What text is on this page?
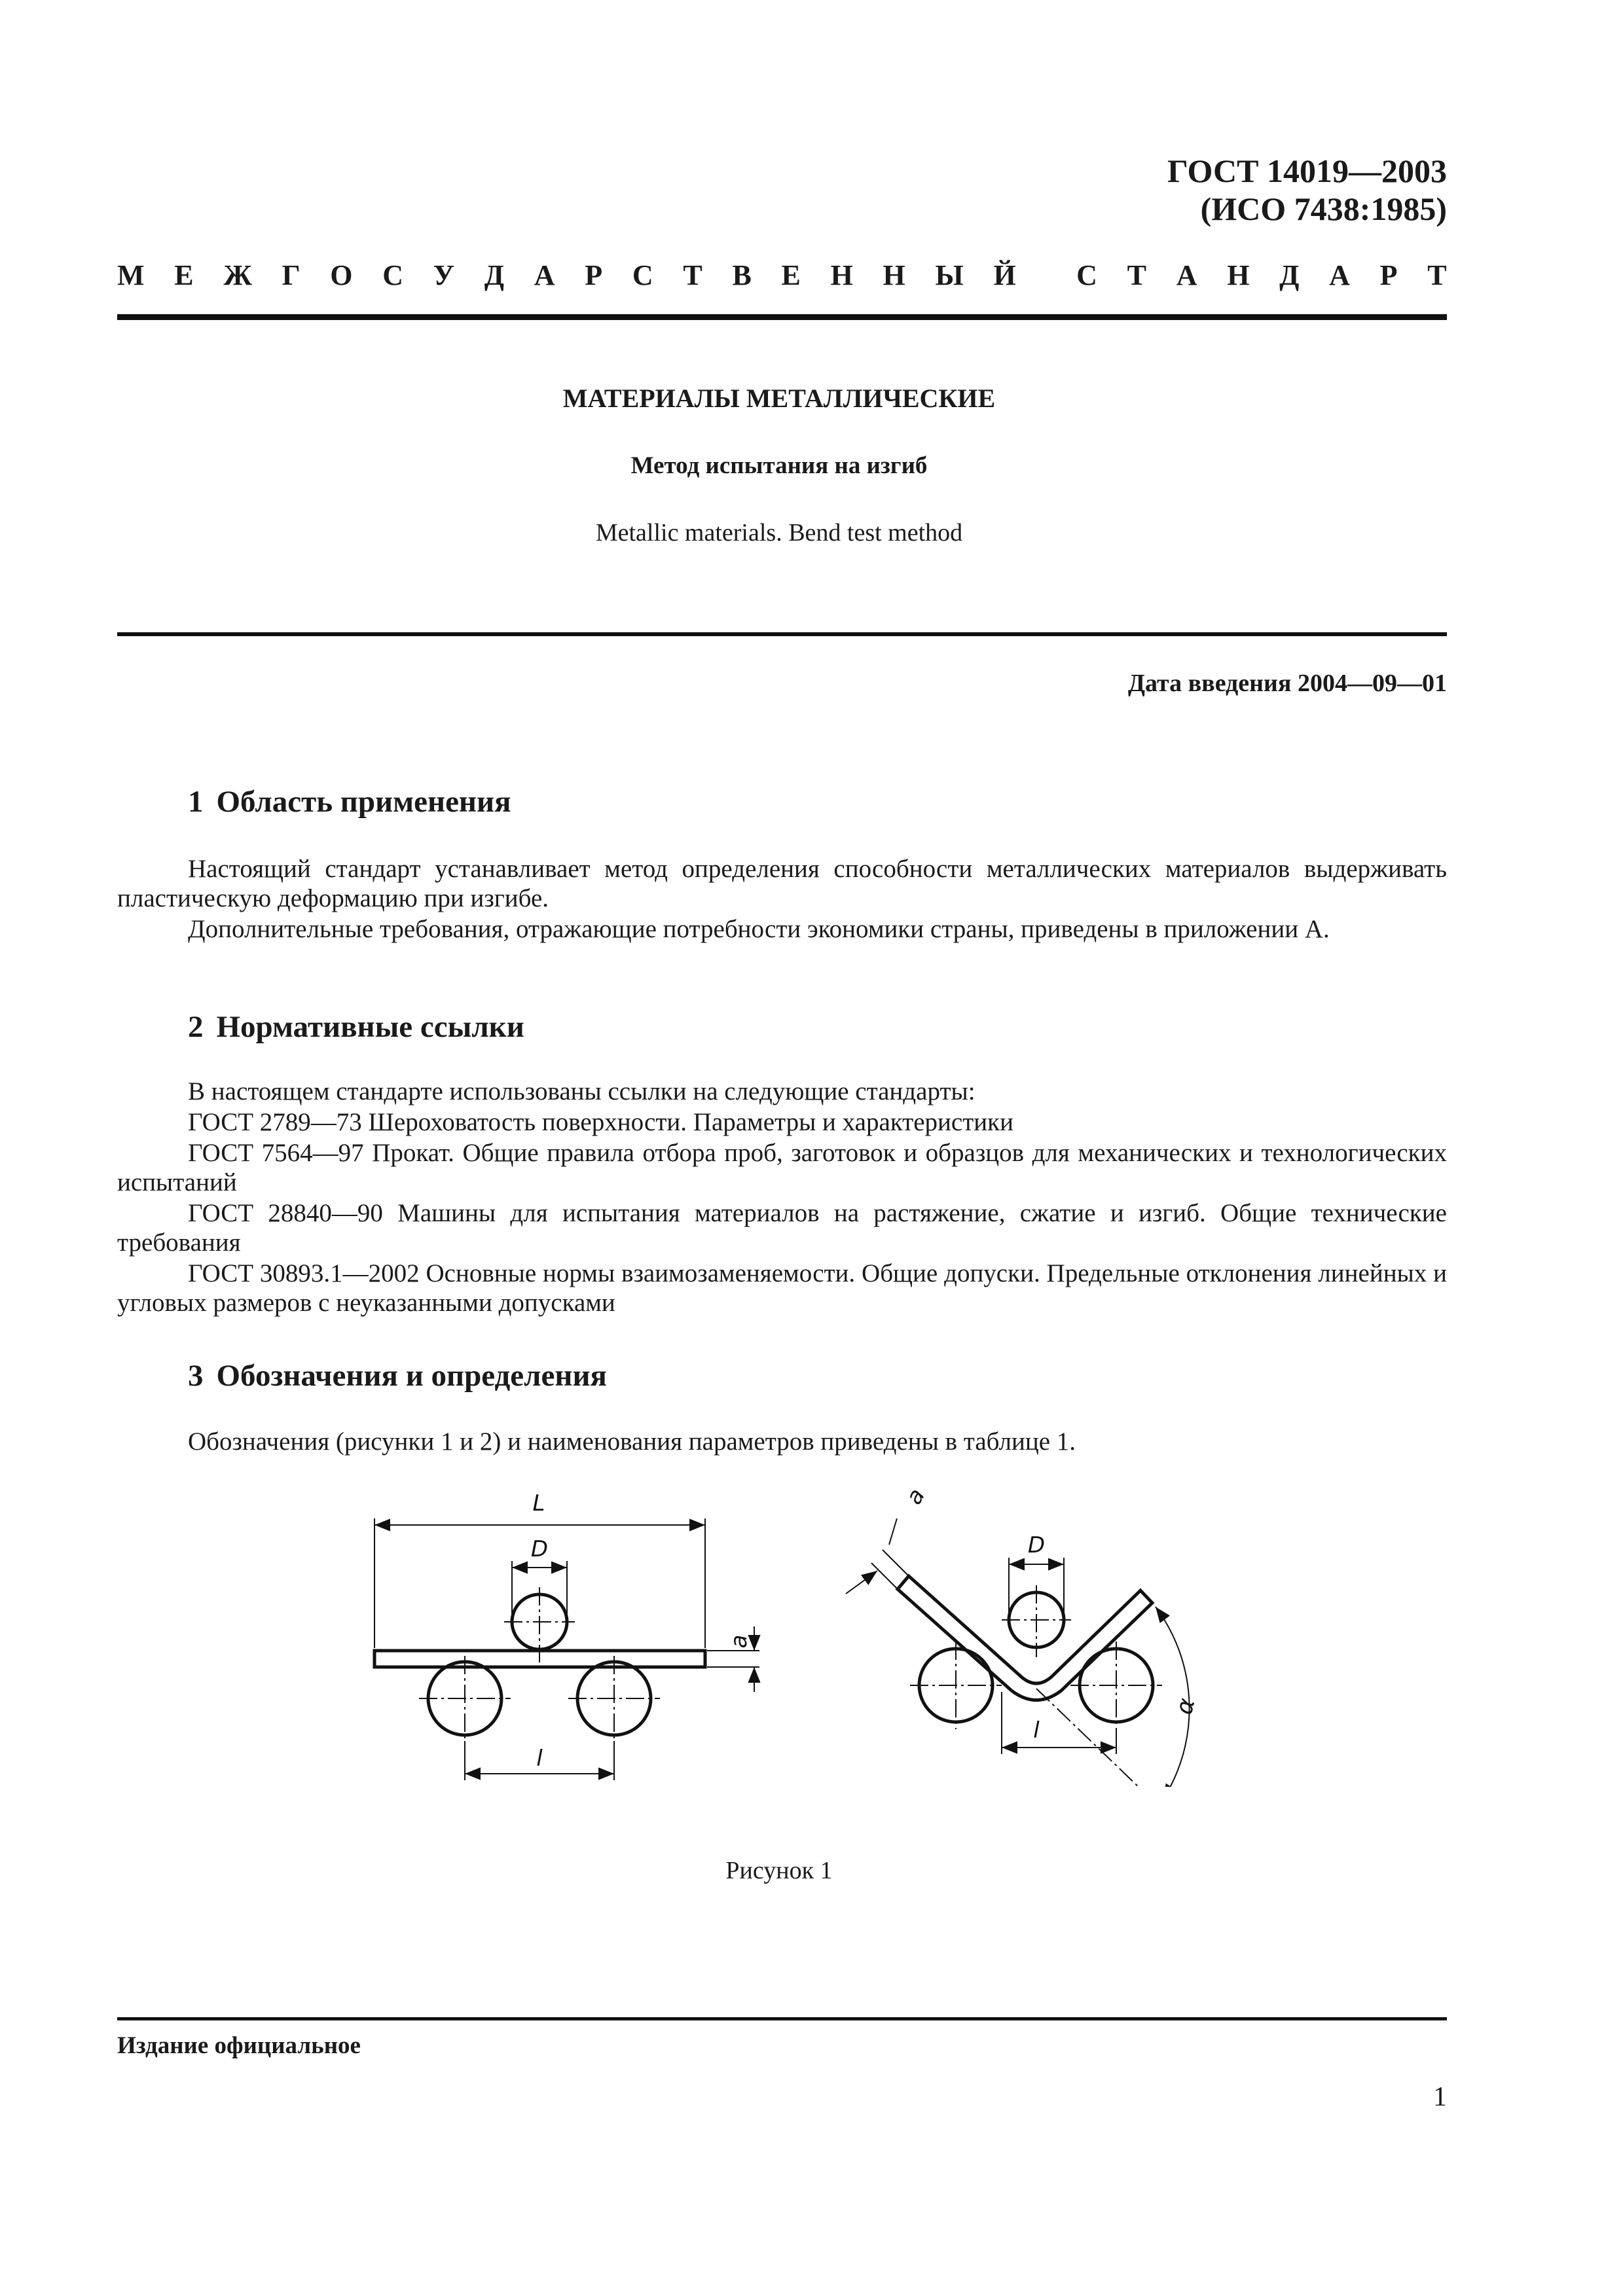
ГОСТ 14019—2003
(ИСО 7438:1985)
М Е Ж Г О С У Д А Р С Т В Е Н Н Ы Й С Т А Н Д А Р Т
МАТЕРИАЛЫ МЕТАЛЛИЧЕСКИЕ
Метод испытания на изгиб
Metallic materials. Bend test method
Дата введения 2004—09—01
1 Область применения

Настоящий стандарт устанавливает метод определения способности металлических материалов выдерживать пластическую деформацию при изгибе.

Дополнительные требования, отражающие потребности экономики страны, приведены в приложении А.

2 Нормативные ссылки
В настоящем стандарте использованы ссылки на следующие стандарты:
ГОСТ 2789—73 Шероховатость поверхности. Параметры и характеристики

ГОСТ 7564—97 Прокат. Общие правила отбора проб, заготовок и образцов для механических и технологических испытаний

ГОСТ 28840—90 Машины для испытания материалов на растяжение, сжатие и изгиб. Общие технические требования

ГОСТ 30893.1—2002 Основные нормы взаимозаменяемости. Общие допуски. Предельные отклонения линейных и угловых размеров с неуказанными допусками

3 Обозначения и определения
Обозначения (рисунки 1 и 2) и наименования параметров приведены в таблице 1.
L
D
l
a
D
l
a
α
Рисунок 1
Издание официальное
1
